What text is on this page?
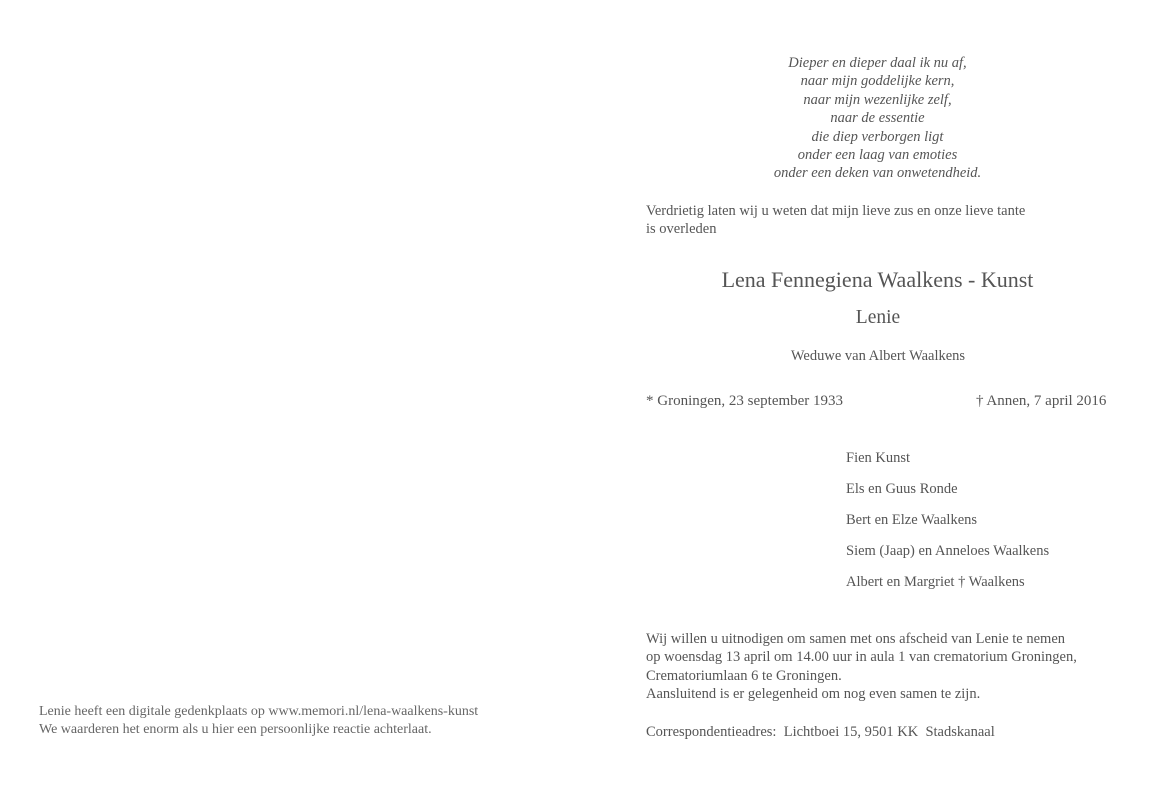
Lenie heeft een digitale gedenkplaats op www.memori.nl/lena-waalkens-kunst
We waarderen het enorm als u hier een persoonlijke reactie achterlaat.
Dieper en dieper daal ik nu af,
naar mijn goddelijke kern,
naar mijn wezenlijke zelf,
naar de essentie
die diep verborgen ligt
onder een laag van emoties
onder een deken van onwetendheid.
Verdrietig laten wij u weten dat mijn lieve zus en onze lieve tante
is overleden
Lena Fennegiena Waalkens - Kunst
Lenie
Weduwe van Albert Waalkens
* Groningen, 23 september 1933	† Annen, 7 april 2016
Fien Kunst
Els en Guus Ronde
Bert en Elze Waalkens
Siem (Jaap) en Anneloes Waalkens
Albert en Margriet † Waalkens
Wij willen u uitnodigen om samen met ons afscheid van Lenie te nemen
op woensdag 13 april om 14.00 uur in aula 1 van crematorium Groningen,
Crematoriumlaan 6 te Groningen.
Aansluitend is er gelegenheid om nog even samen te zijn.
Correspondentieadres:  Lichtboei 15, 9501 KK  Stadskanaal
